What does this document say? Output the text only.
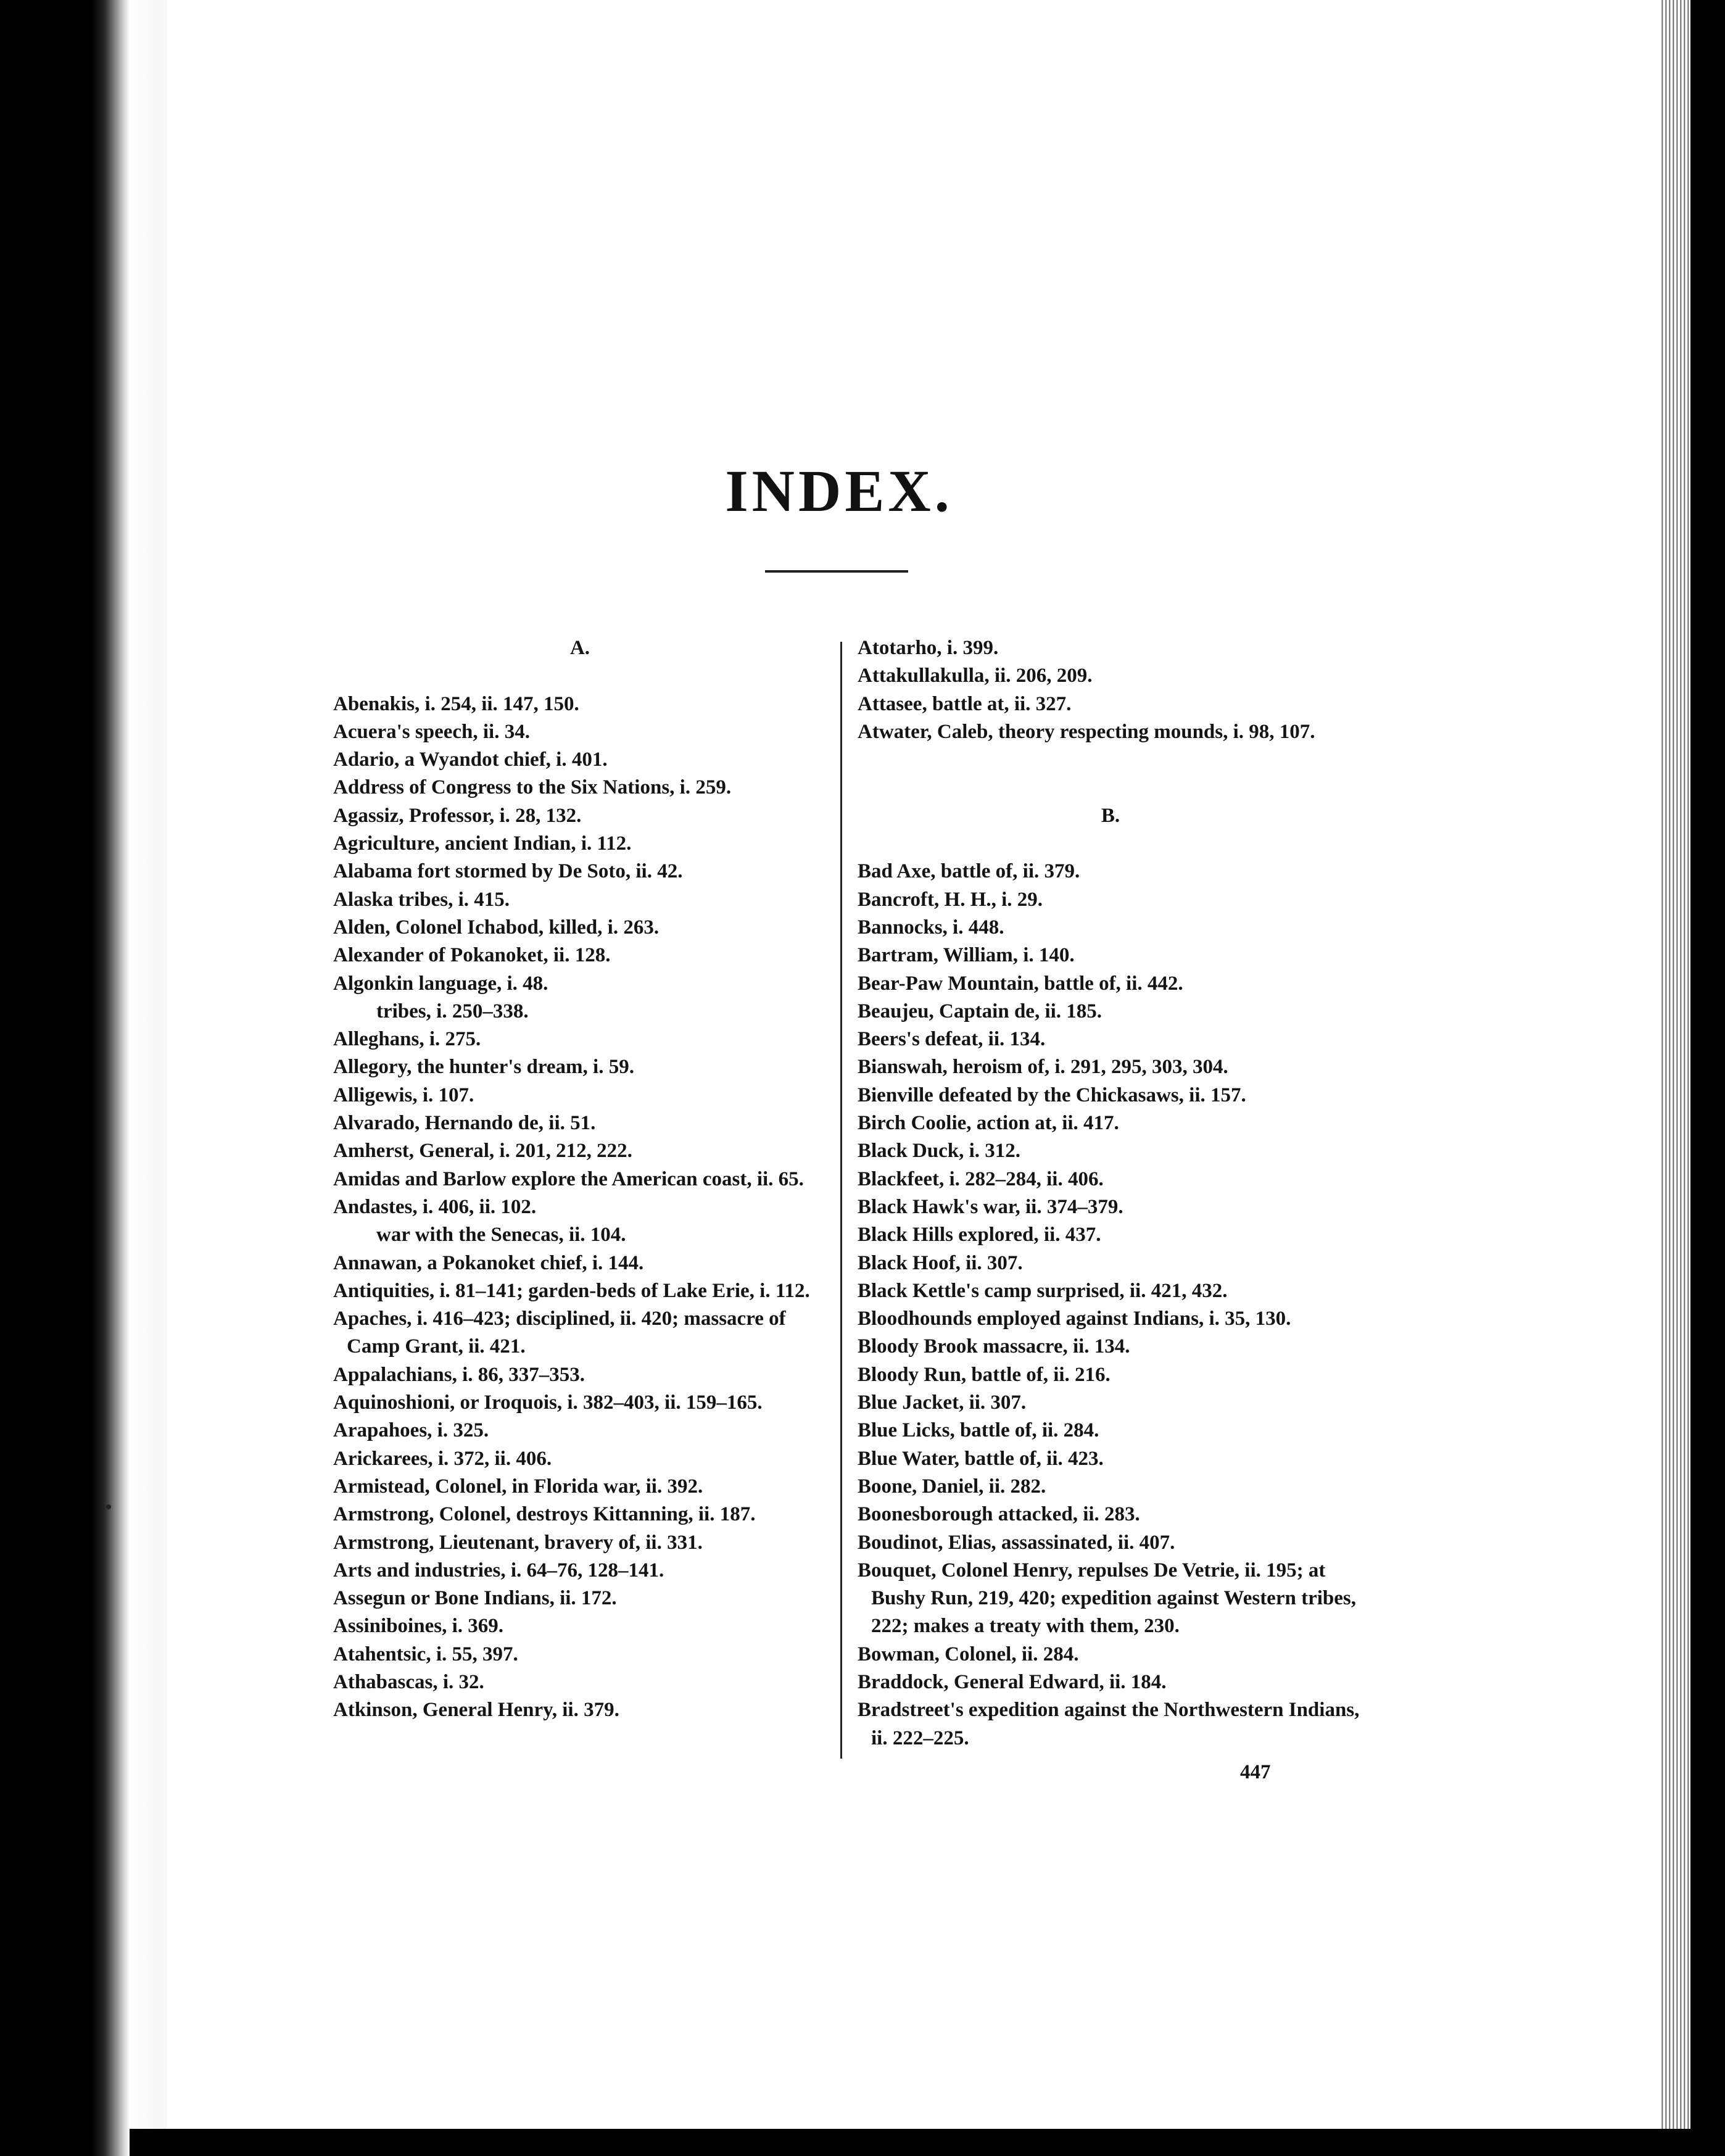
INDEX.
A.
Abenakis, i. 254, ii. 147, 150.
Acuera's speech, ii. 34.
Adario, a Wyandot chief, i. 401.
Address of Congress to the Six Nations, i. 259.
Agassiz, Professor, i. 28, 132.
Agriculture, ancient Indian, i. 112.
Alabama fort stormed by De Soto, ii. 42.
Alaska tribes, i. 415.
Alden, Colonel Ichabod, killed, i. 263.
Alexander of Pokanoket, ii. 128.
Algonkin language, i. 48.
tribes, i. 250–338.
Alleghans, i. 275.
Allegory, the hunter's dream, i. 59.
Alligewis, i. 107.
Alvarado, Hernando de, ii. 51.
Amherst, General, i. 201, 212, 222.
Amidas and Barlow explore the American coast, ii. 65.
Andastes, i. 406, ii. 102.
war with the Senecas, ii. 104.
Annawan, a Pokanoket chief, i. 144.
Antiquities, i. 81–141; garden-beds of Lake Erie, i. 112.
Apaches, i. 416–423; disciplined, ii. 420; massacre of Camp Grant, ii. 421.
Appalachians, i. 86, 337–353.
Aquinoshioni, or Iroquois, i. 382–403, ii. 159–165.
Arapahoes, i. 325.
Arickarees, i. 372, ii. 406.
Armistead, Colonel, in Florida war, ii. 392.
Armstrong, Colonel, destroys Kittanning, ii. 187.
Armstrong, Lieutenant, bravery of, ii. 331.
Arts and industries, i. 64–76, 128–141.
Assegun or Bone Indians, ii. 172.
Assiniboines, i. 369.
Atahentsic, i. 55, 397.
Athabascas, i. 32.
Atkinson, General Henry, ii. 379.
Atotarho, i. 399.
Attakullakulla, ii. 206, 209.
Attasee, battle at, ii. 327.
Atwater, Caleb, theory respecting mounds, i. 98, 107.
B.
Bad Axe, battle of, ii. 379.
Bancroft, H. H., i. 29.
Bannocks, i. 448.
Bartram, William, i. 140.
Bear-Paw Mountain, battle of, ii. 442.
Beaujeu, Captain de, ii. 185.
Beers's defeat, ii. 134.
Bianswah, heroism of, i. 291, 295, 303, 304.
Bienville defeated by the Chickasaws, ii. 157.
Birch Coolie, action at, ii. 417.
Black Duck, i. 312.
Blackfeet, i. 282–284, ii. 406.
Black Hawk's war, ii. 374–379.
Black Hills explored, ii. 437.
Black Hoof, ii. 307.
Black Kettle's camp surprised, ii. 421, 432.
Bloodhounds employed against Indians, i. 35, 130.
Bloody Brook massacre, ii. 134.
Bloody Run, battle of, ii. 216.
Blue Jacket, ii. 307.
Blue Licks, battle of, ii. 284.
Blue Water, battle of, ii. 423.
Boone, Daniel, ii. 282.
Boonesborough attacked, ii. 283.
Boudinot, Elias, assassinated, ii. 407.
Bouquet, Colonel Henry, repulses De Vetrie, ii. 195; at Bushy Run, 219, 420; expedition against Western tribes, 222; makes a treaty with them, 230.
Bowman, Colonel, ii. 284.
Braddock, General Edward, ii. 184.
Bradstreet's expedition against the Northwestern Indians, ii. 222–225.
447
